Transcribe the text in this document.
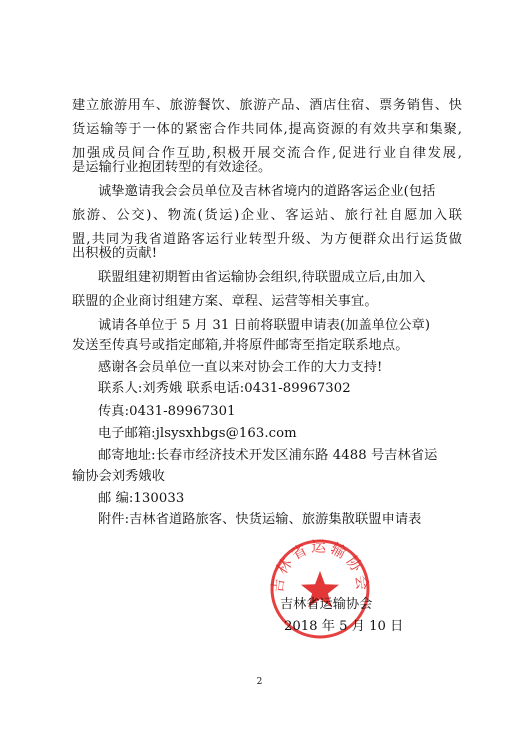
建立旅游用车、旅游餐饮、旅游产品、酒店住宿、票务销售、快
货运输等于一体的紧密合作共同体,提高资源的有效共享和集聚,
加强成员间合作互助,积极开展交流合作,促进行业自律发展,
是运输行业抱团转型的有效途径。
诚挚邀请我会会员单位及吉林省境内的道路客运企业(包括
旅游、公交)、物流(货运)企业、客运站、旅行社自愿加入联
盟,共同为我省道路客运行业转型升级、为方便群众出行运货做
出积极的贡献!
联盟组建初期暂由省运输协会组织,待联盟成立后,由加入
联盟的企业商讨组建方案、章程、运营等相关事宜。
诚请各单位于 5 月 31 日前将联盟申请表(加盖单位公章)
发送至传真号或指定邮箱,并将原件邮寄至指定联系地点。
感谢各会员单位一直以来对协会工作的大力支持!
联系人:刘秀娥 联系电话:0431-89967302
传真:0431-89967301
电子邮箱:jlsysxhbgs@163.com
邮寄地址:长春市经济技术开发区浦东路 4488 号吉林省运
输协会刘秀娥收
邮 编:130033
附件:吉林省道路旅客、快货运输、旅游集散联盟申请表
吉林省运输协会
吉林省运输协会
2018 年 5 月 10 日
2
